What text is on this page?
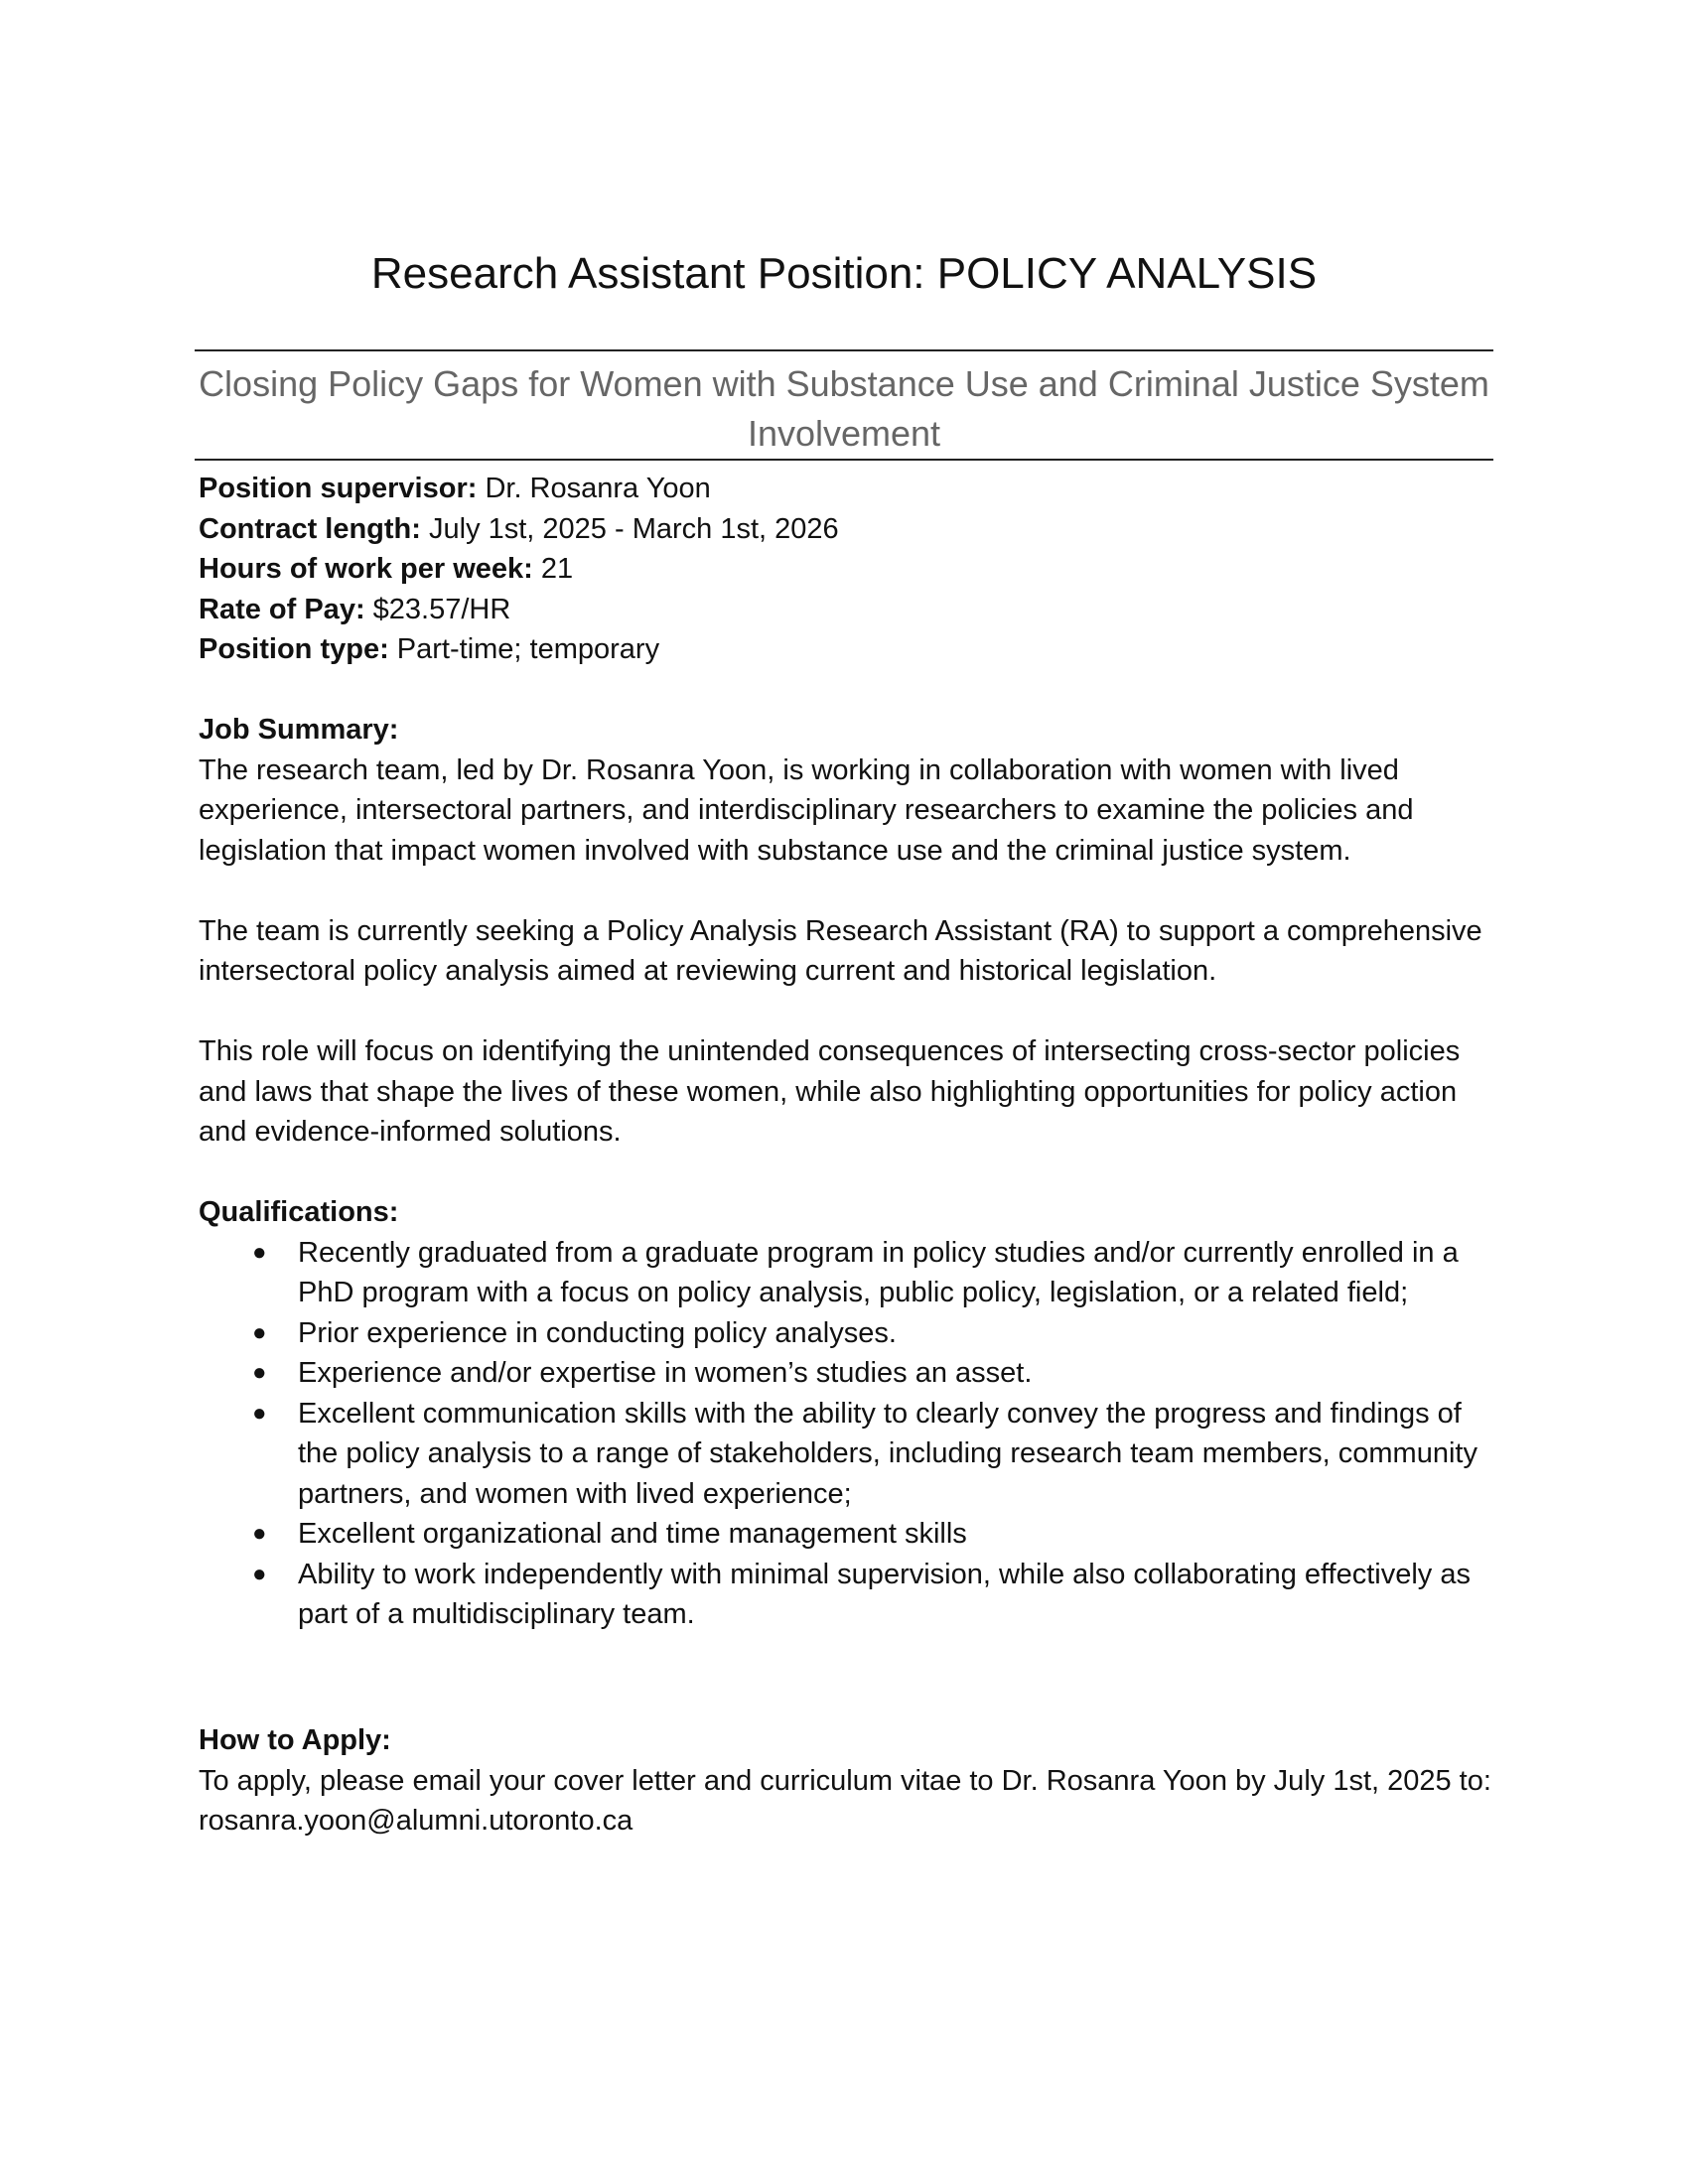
Research Assistant Position: POLICY ANALYSIS
Closing Policy Gaps for Women with Substance Use and Criminal Justice System Involvement
Position supervisor: Dr. Rosanra Yoon
Contract length: July 1st, 2025 - March 1st, 2026
Hours of work per week: 21
Rate of Pay: $23.57/HR
Position type: Part-time; temporary
Job Summary:

The research team, led by Dr. Rosanra Yoon, is working in collaboration with women with lived experience, intersectoral partners, and interdisciplinary researchers to examine the policies and legislation that impact women involved with substance use and the criminal justice system.

The team is currently seeking a Policy Analysis Research Assistant (RA) to support a comprehensive intersectoral policy analysis aimed at reviewing current and historical legislation.

This role will focus on identifying the unintended consequences of intersecting cross-sector policies and laws that shape the lives of these women, while also highlighting opportunities for policy action and evidence-informed solutions.

Qualifications:
● Recently graduated from a graduate program in policy studies and/or currently enrolled in a PhD program with a focus on policy analysis, public policy, legislation, or a related field;
● Prior experience in conducting policy analyses.
● Experience and/or expertise in women’s studies an asset.
● Excellent communication skills with the ability to clearly convey the progress and findings of the policy analysis to a range of stakeholders, including research team members, community partners, and women with lived experience;
● Excellent organizational and time management skills
● Ability to work independently with minimal supervision, while also collaborating effectively as part of a multidisciplinary team.
How to Apply:

To apply, please email your cover letter and curriculum vitae to Dr. Rosanra Yoon by July 1st, 2025 to: rosanra.yoon@alumni.utoronto.ca
